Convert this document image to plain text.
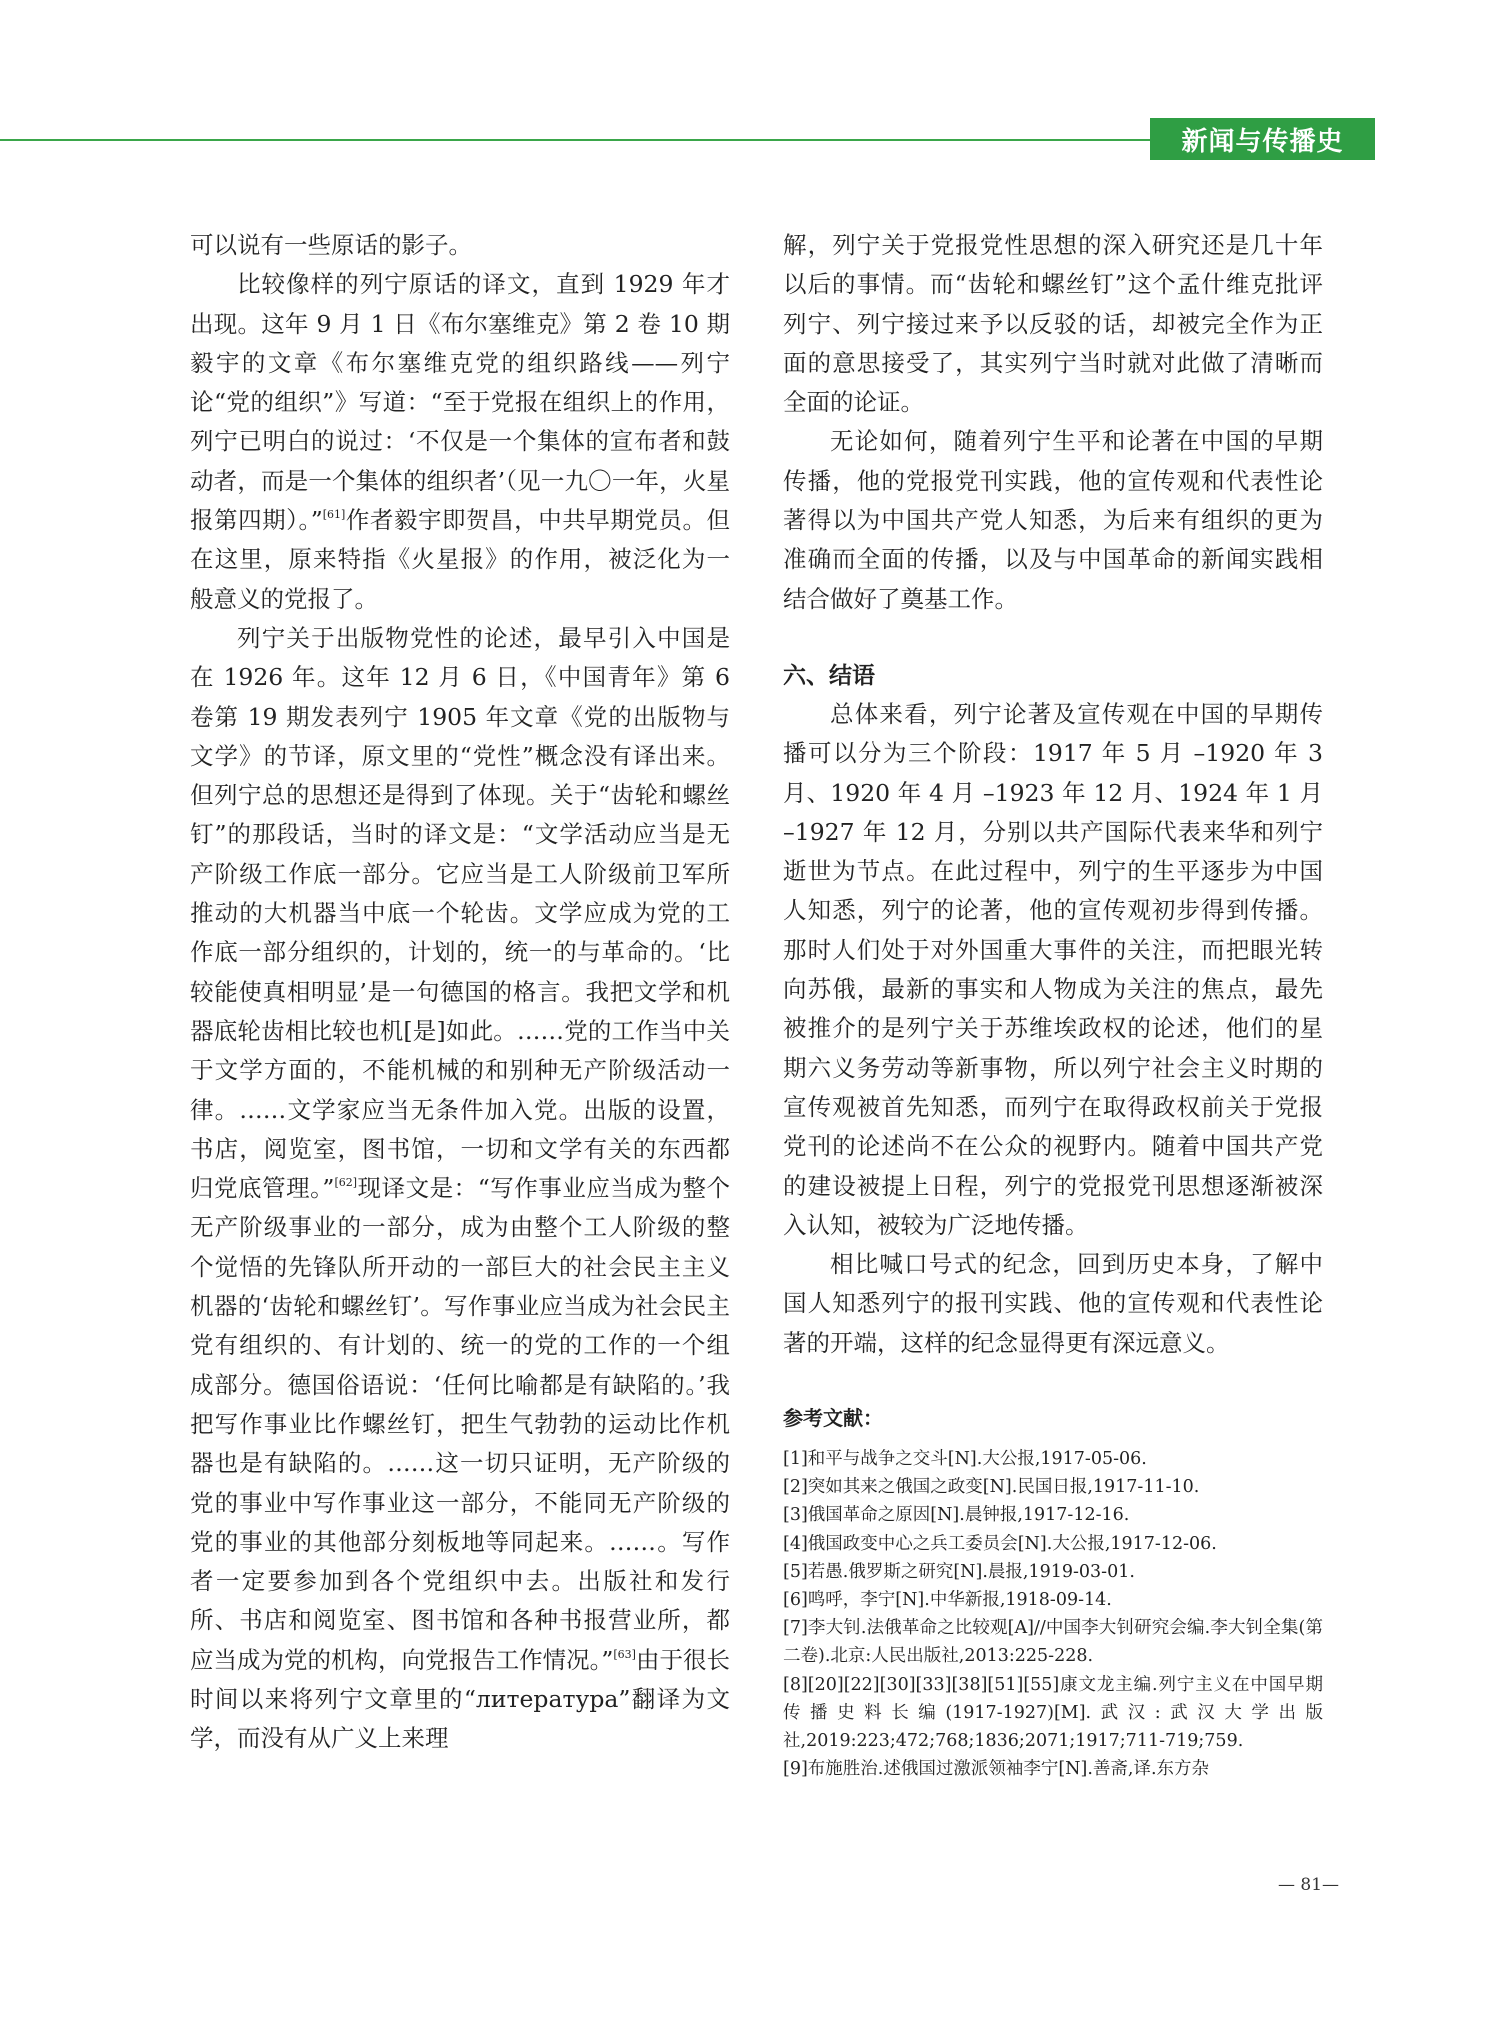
新闻与传播史

可以说有一些原话的影子。

比较像样的列宁原话的译文，直到 1929 年才出现。这年 9 月 1 日《布尔塞维克》第 2 卷 10 期毅宇的文章《布尔塞维克党的组织路线——列宁论“党的组织”》写道：“至于党报在组织上的作用，列宁已明白的说过：‘不仅是一个集体的宣布者和鼓动者，而是一个集体的组织者’（见一九〇一年，火星报第四期）。”[61]作者毅宇即贺昌，中共早期党员。但在这里，原来特指《火星报》的作用，被泛化为一般意义的党报了。

列宁关于出版物党性的论述，最早引入中国是在 1926 年。这年 12 月 6 日，《中国青年》第 6 卷第 19 期发表列宁 1905 年文章《党的出版物与文学》的节译，原文里的“党性”概念没有译出来。但列宁总的思想还是得到了体现。关于“齿轮和螺丝钉”的那段话，当时的译文是：“文学活动应当是无产阶级工作底一部分。它应当是工人阶级前卫军所推动的大机器当中底一个轮齿。文学应成为党的工作底一部分组织的，计划的，统一的与革命的。‘比较能使真相明显’是一句德国的格言。我把文学和机器底轮齿相比较也机[是]如此。……党的工作当中关于文学方面的，不能机械的和别种无产阶级活动一律。……文学家应当无条件加入党。出版的设置，书店，阅览室，图书馆，一切和文学有关的东西都归党底管理。”[62]现译文是：“写作事业应当成为整个无产阶级事业的一部分，成为由整个工人阶级的整个觉悟的先锋队所开动的一部巨大的社会民主主义机器的‘齿轮和螺丝钉’。写作事业应当成为社会民主党有组织的、有计划的、统一的党的工作的一个组成部分。德国俗语说：‘任何比喻都是有缺陷的。’我把写作事业比作螺丝钉，把生气勃勃的运动比作机器也是有缺陷的。……这一切只证明，无产阶级的党的事业中写作事业这一部分，不能同无产阶级的党的事业的其他部分刻板地等同起来。……。写作者一定要参加到各个党组织中去。出版社和发行所、书店和阅览室、图书馆和各种书报营业所，都应当成为党的机构，向党报告工作情况。”[63]由于很长时间以来将列宁文章里的“литература”翻译为文学，而没有从广义上来理

解，列宁关于党报党性思想的深入研究还是几十年以后的事情。而“齿轮和螺丝钉”这个孟什维克批评列宁、列宁接过来予以反驳的话，却被完全作为正面的意思接受了，其实列宁当时就对此做了清晰而全面的论证。

无论如何，随着列宁生平和论著在中国的早期传播，他的党报党刊实践，他的宣传观和代表性论著得以为中国共产党人知悉，为后来有组织的更为准确而全面的传播，以及与中国革命的新闻实践相结合做好了奠基工作。

六、结语

总体来看，列宁论著及宣传观在中国的早期传播可以分为三个阶段：1917 年 5 月 –1920 年 3 月、1920 年 4 月 –1923 年 12 月、1924 年 1 月 –1927 年 12 月，分别以共产国际代表来华和列宁逝世为节点。在此过程中，列宁的生平逐步为中国人知悉，列宁的论著，他的宣传观初步得到传播。那时人们处于对外国重大事件的关注，而把眼光转向苏俄，最新的事实和人物成为关注的焦点，最先被推介的是列宁关于苏维埃政权的论述，他们的星期六义务劳动等新事物，所以列宁社会主义时期的宣传观被首先知悉，而列宁在取得政权前关于党报党刊的论述尚不在公众的视野内。随着中国共产党的建设被提上日程，列宁的党报党刊思想逐渐被深入认知，被较为广泛地传播。

相比喊口号式的纪念，回到历史本身，了解中国人知悉列宁的报刊实践、他的宣传观和代表性论著的开端，这样的纪念显得更有深远意义。

参考文献：
[1]和平与战争之交斗[N].大公报,1917-05-06.
[2]突如其来之俄国之政变[N].民国日报,1917-11-10.
[3]俄国革命之原因[N].晨钟报,1917-12-16.
[4]俄国政变中心之兵工委员会[N].大公报,1917-12-06.
[5]若愚.俄罗斯之研究[N].晨报,1919-03-01.
[6]鸣呼，李宁[N].中华新报,1918-09-14.
[7]李大钊.法俄革命之比较观[A]//中国李大钊研究会编.李大钊全集(第二卷).北京:人民出版社,2013:225-228.
[8][20][22][30][33][38][51][55]康文龙主编.列宁主义在中国早期传播史料长编(1917-1927)[M].武汉:武汉大学出版社,2019:223;472;768;1836;2071;1917;711-719;759.
[9]布施胜治.述俄国过激派领袖李宁[N].善斋,译.东方杂
— 81—
